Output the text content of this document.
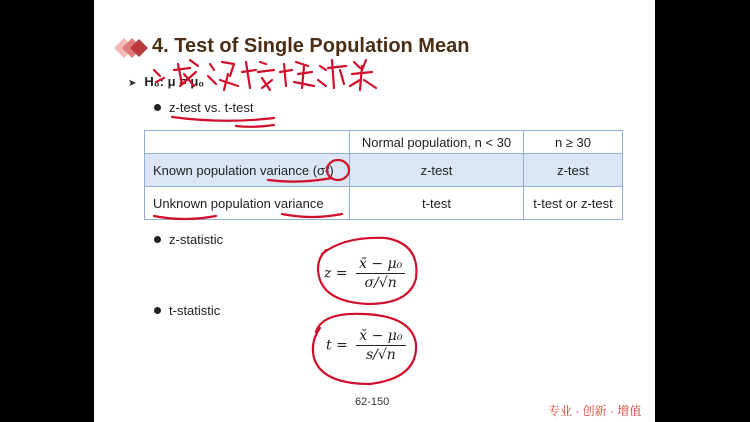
4. Test of Single Population Mean
➤ H₀: μ = μ₀
z-test vs. t-test
	Normal population, n < 30	n ≥ 30
Known population variance (σ²)	z-test	z-test
Unknown population variance	t-test	t-test or z-test
z-statistic
$z = \frac{\text{x̄ − μ₀}}{\sigma/√n}$
t-statistic
$t = \frac{\text{x̄ − μ₀}}{s/√n}$
62-150
专业 · 创新 · 增值
